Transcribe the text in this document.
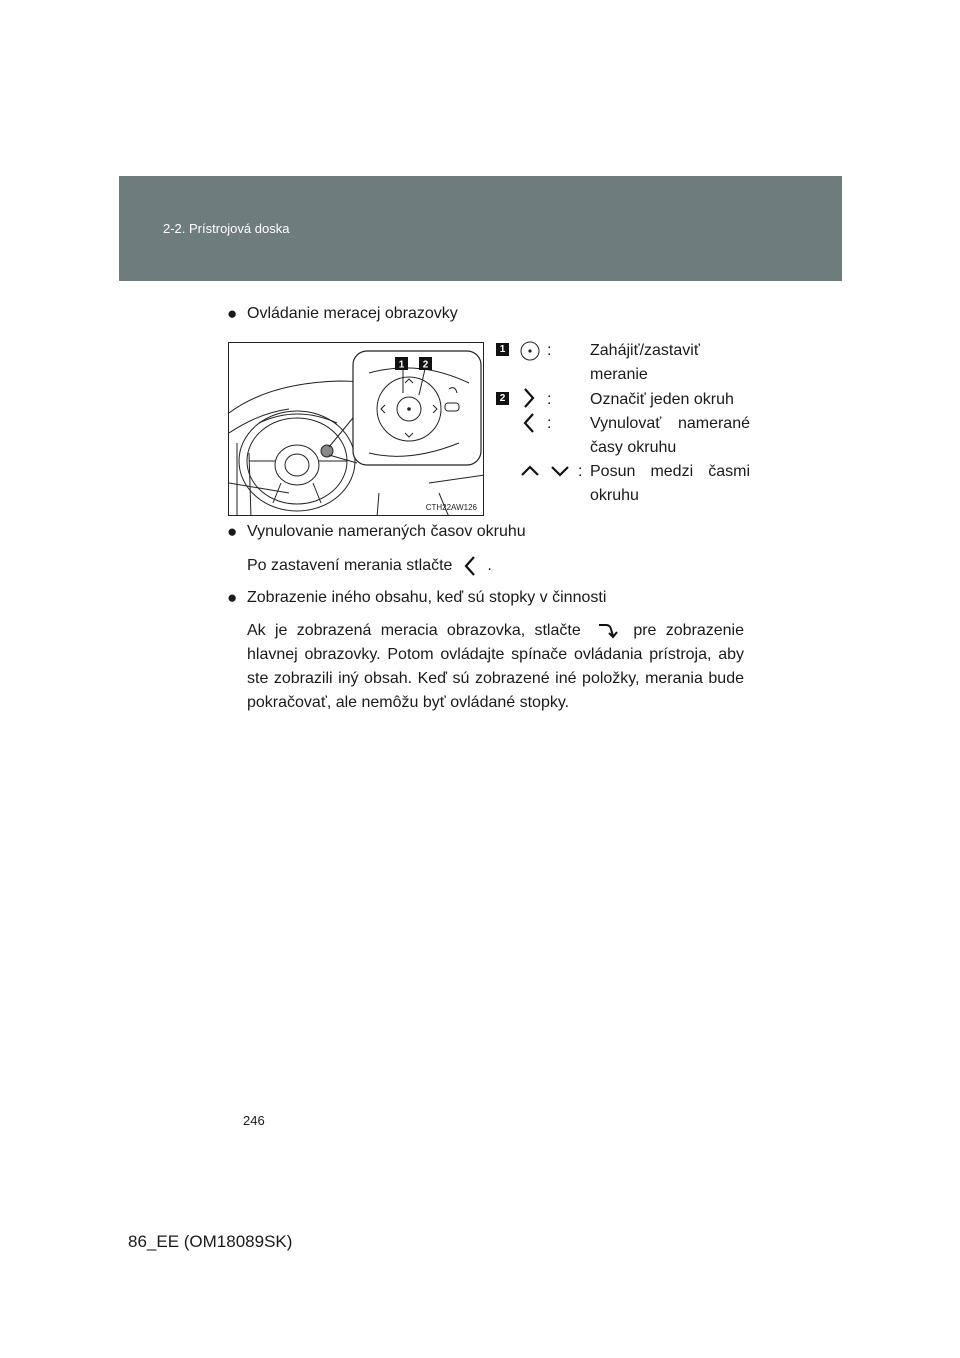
2-2. Prístrojová doska
● Ovládanie meracej obrazovky
1 2
CTH22AW126
1	: Zahájiť/zastaviť meranie
2	: Označiť jeden okruh
: Vynulovať namerané časy okruhu
: Posun medzi časmi okruhu
● Vynulovanie nameraných časov okruhu
Po zastavení merania stlačte .
● Zobrazenie iného obsahu, keď sú stopky v činnosti
Ak je zobrazená meracia obrazovka, stlačte	pre zobrazenie hlavnej obrazovky. Potom ovládajte spínače ovládania prístroja, aby ste zobrazili iný obsah. Keď sú zobrazené iné položky, merania bude pokračovať, ale nemôžu byť ovládané stopky.
246
86_EE (OM18089SK)
